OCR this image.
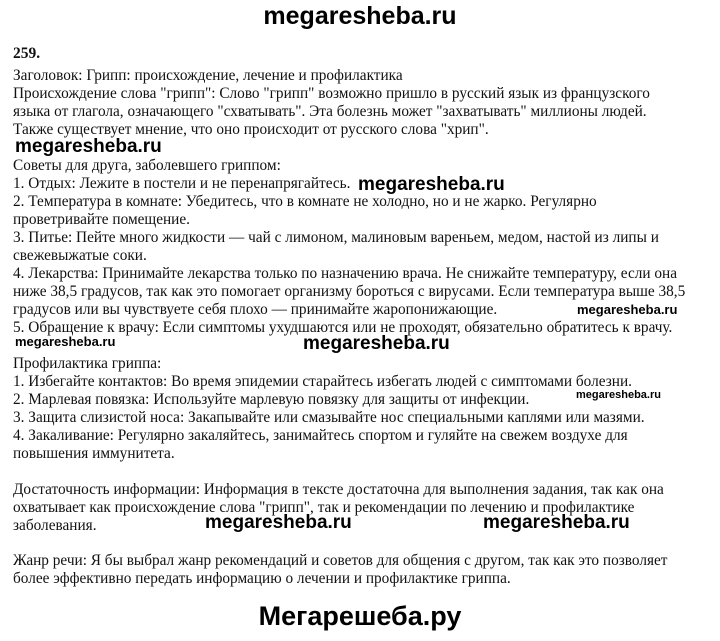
megaresheba.ru
259.
Заголовок: Грипп: происхождение, лечение и профилактика
Происхождение слова "грипп": Слово "грипп" возможно пришло в русский язык из французского
языка от глагола, означающего "схватывать". Эта болезнь может "захватывать" миллионы людей.
Также существует мнение, что оно происходит от русского слова "хрип".
Советы для друга, заболевшего гриппом:
1. Отдых: Лежите в постели и не перенапрягайтесь.
2. Температура в комнате: Убедитесь, что в комнате не холодно, но и не жарко. Регулярно
проветривайте помещение.
3. Питье: Пейте много жидкости — чай с лимоном, малиновым вареньем, медом, настой из липы и
свежевыжатые соки.
4. Лекарства: Принимайте лекарства только по назначению врача. Не снижайте температуру, если она
ниже 38,5 градусов, так как это помогает организму бороться с вирусами. Если температура выше 38,5
градусов или вы чувствуете себя плохо — принимайте жаропонижающие.
5. Обращение к врачу: Если симптомы ухудшаются или не проходят, обязательно обратитесь к врачу.
Профилактика гриппа:
1. Избегайте контактов: Во время эпидемии старайтесь избегать людей с симптомами болезни.
2. Марлевая повязка: Используйте марлевую повязку для защиты от инфекции.
3. Защита слизистой носа: Закапывайте или смазывайте нос специальными каплями или мазями.
4. Закаливание: Регулярно закаляйтесь, занимайтесь спортом и гуляйте на свежем воздухе для
повышения иммунитета.
Достаточность информации: Информация в тексте достаточна для выполнения задания, так как она
охватывает как происхождение слова "грипп", так и рекомендации по лечению и профилактике
заболевания.
Жанр речи: Я бы выбрал жанр рекомендаций и советов для общения с другом, так как это позволяет
более эффективно передать информацию о лечении и профилактике гриппа.
megaresheba.ru
megaresheba.ru
megaresheba.ru
megaresheba.ru	megaresheba.ru
megaresheba.ru
megaresheba.ru	megaresheba.ru
Мегарешеба.ру
